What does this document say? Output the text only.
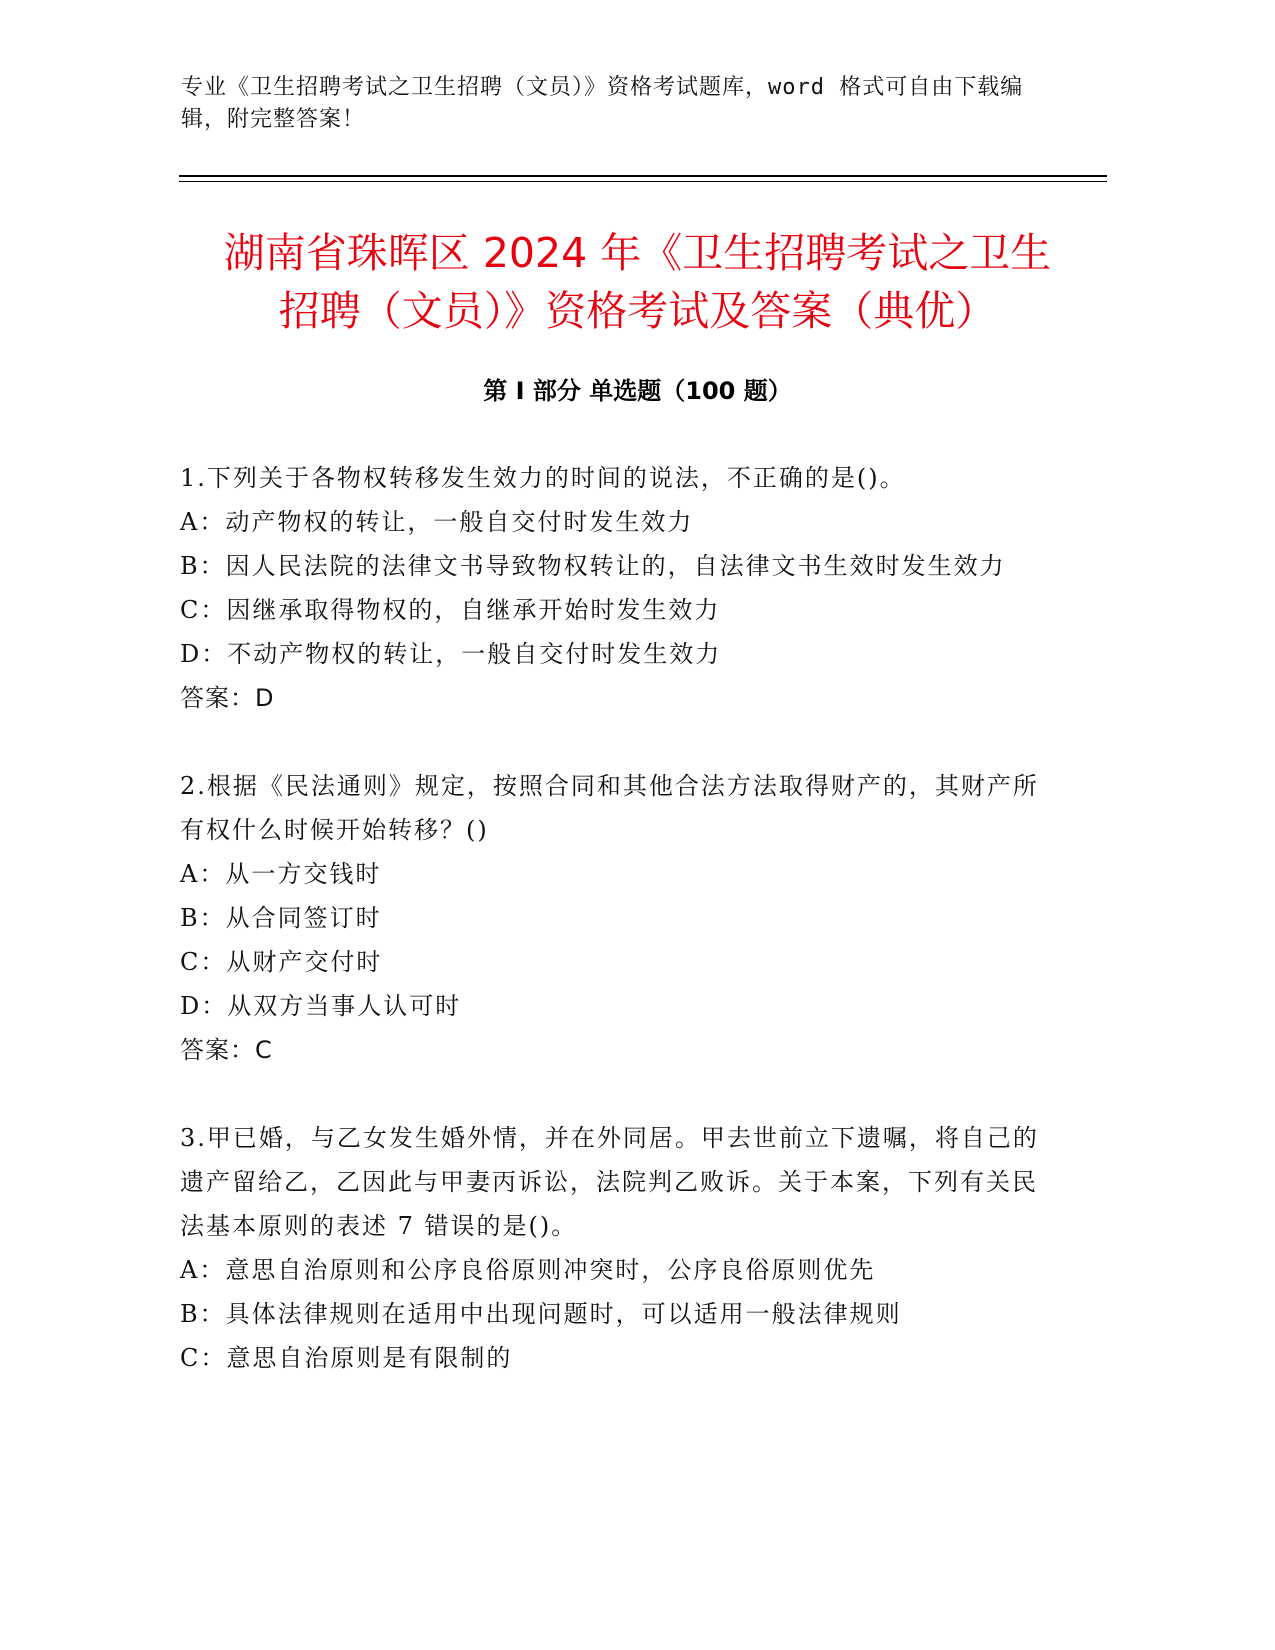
专业《卫生招聘考试之卫生招聘（文员）》资格考试题库，word 格式可自由下载编辑，附完整答案！
湖南省珠晖区 2024 年《卫生招聘考试之卫生
招聘（文员）》资格考试及答案（典优）
第 I 部分 单选题（100 题）

1.下列关于各物权转移发生效力的时间的说法，不正确的是()。

A：动产物权的转让，一般自交付时发生效力

B：因人民法院的法律文书导致物权转让的，自法律文书生效时发生效力

C：因继承取得物权的，自继承开始时发生效力

D：不动产物权的转让，一般自交付时发生效力

答案：D

2.根据《民法通则》规定，按照合同和其他合法方法取得财产的，其财产所有权什么时候开始转移？()

A：从一方交钱时

B：从合同签订时

C：从财产交付时

D：从双方当事人认可时

答案：C

3.甲已婚，与乙女发生婚外情，并在外同居。甲去世前立下遗嘱，将自己的遗产留给乙，乙因此与甲妻丙诉讼，法院判乙败诉。关于本案，下列有关民法基本原则的表述 7 错误的是()。

A：意思自治原则和公序良俗原则冲突时，公序良俗原则优先

B：具体法律规则在适用中出现问题时，可以适用一般法律规则

C：意思自治原则是有限制的
